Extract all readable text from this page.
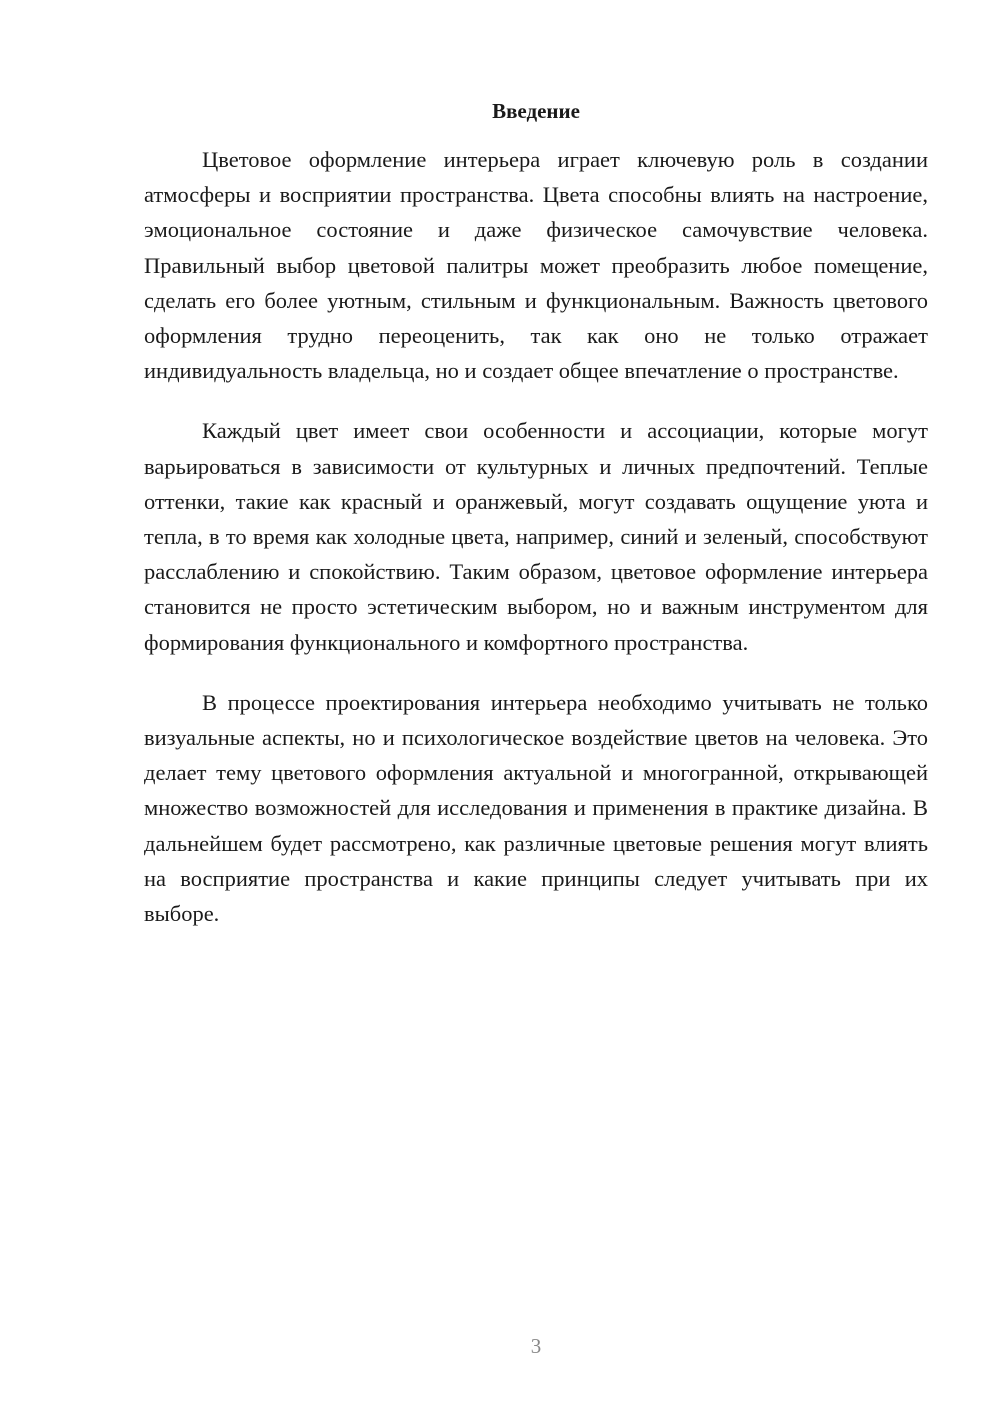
Введение

Цветовое оформление интерьера играет ключевую роль в создании атмосферы и восприятии пространства. Цвета способны влиять на настроение, эмоциональное состояние и даже физическое самочувствие человека. Правильный выбор цветовой палитры может преобразить любое помещение, сделать его более уютным, стильным и функциональным. Важность цветового оформления трудно переоценить, так как оно не только отражает индивидуальность владельца, но и создает общее впечатление о пространстве.

Каждый цвет имеет свои особенности и ассоциации, которые могут варьироваться в зависимости от культурных и личных предпочтений. Теплые оттенки, такие как красный и оранжевый, могут создавать ощущение уюта и тепла, в то время как холодные цвета, например, синий и зеленый, способствуют расслаблению и спокойствию. Таким образом, цветовое оформление интерьера становится не просто эстетическим выбором, но и важным инструментом для формирования функционального и комфортного пространства.

В процессе проектирования интерьера необходимо учитывать не только визуальные аспекты, но и психологическое воздействие цветов на человека. Это делает тему цветового оформления актуальной и многогранной, открывающей множество возможностей для исследования и применения в практике дизайна. В дальнейшем будет рассмотрено, как различные цветовые решения могут влиять на восприятие пространства и какие принципы следует учитывать при их выборе.

3
